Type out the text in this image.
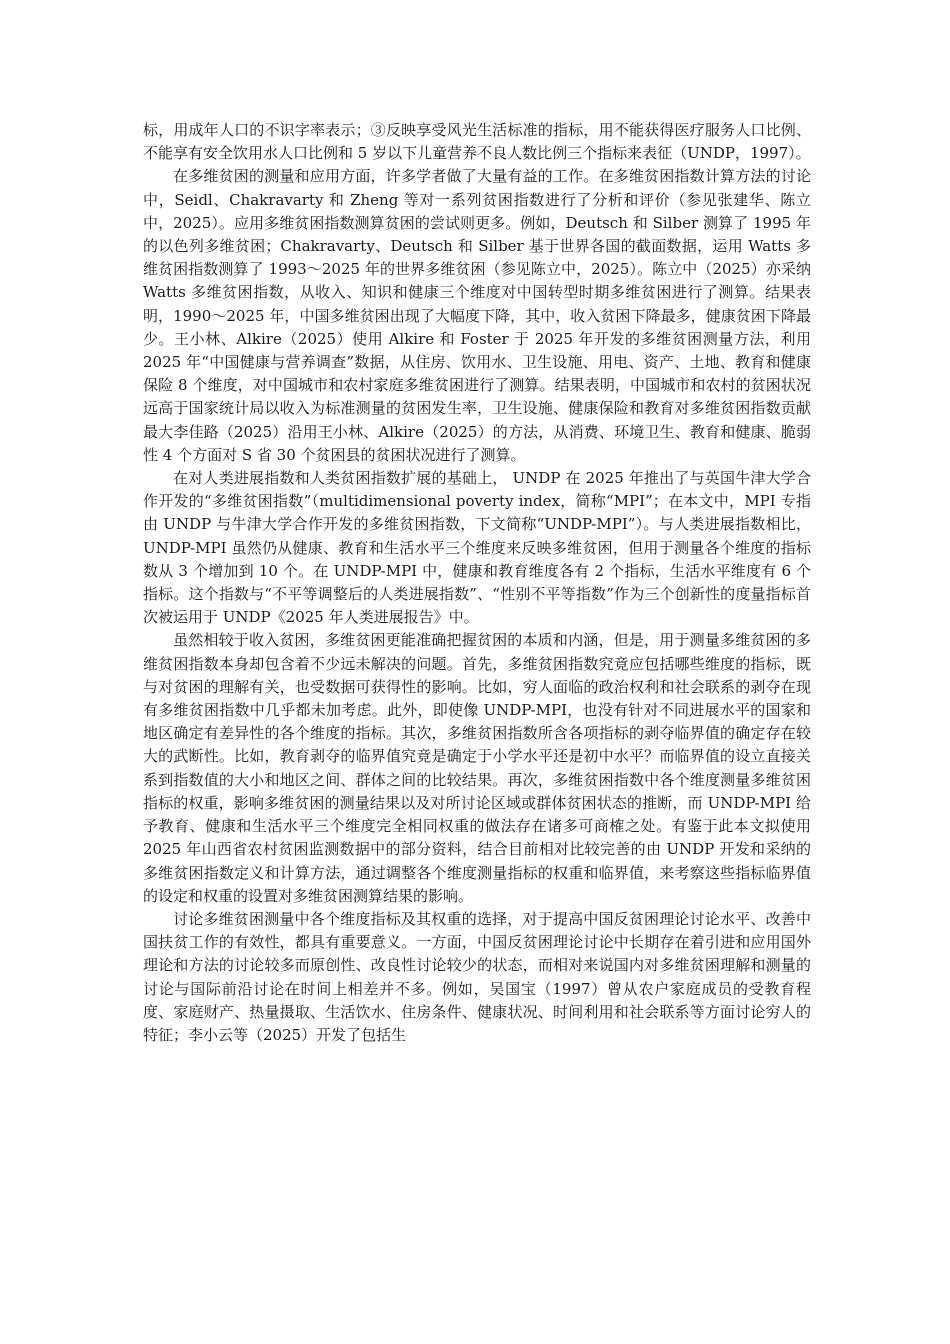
标，用成年人口的不识字率表示；③反映享受风光生活标准的指标，用不能获得医疗服务人口比例、不能享有安全饮用水人口比例和 5 岁以下儿童营养不良人数比例三个指标来表征（UNDP，1997）。

在多维贫困的测量和应用方面，许多学者做了大量有益的工作。在多维贫困指数计算方法的讨论中，Seidl、Chakravarty 和 Zheng 等对一系列贫困指数进行了分析和评价（参见张建华、陈立中，2025）。应用多维贫困指数测算贫困的尝试则更多。例如，Deutsch 和 Silber 测算了 1995 年的以色列多维贫困；Chakravarty、Deutsch 和 Silber 基于世界各国的截面数据，运用 Watts 多维贫困指数测算了 1993～2025 年的世界多维贫困（参见陈立中，2025）。陈立中（2025）亦采纳 Watts 多维贫困指数，从收入、知识和健康三个维度对中国转型时期多维贫困进行了测算。结果表明，1990～2025 年，中国多维贫困出现了大幅度下降，其中，收入贫困下降最多，健康贫困下降最少。王小林、Alkire（2025）使用 Alkire 和 Foster 于 2025 年开发的多维贫困测量方法，利用 2025 年“中国健康与营养调查”数据，从住房、饮用水、卫生设施、用电、资产、土地、教育和健康保险 8 个维度，对中国城市和农村家庭多维贫困进行了测算。结果表明，中国城市和农村的贫困状况远高于国家统计局以收入为标准测量的贫困发生率，卫生设施、健康保险和教育对多维贫困指数贡献最大李佳路（2025）沿用王小林、Alkire（2025）的方法，从消费、环境卫生、教育和健康、脆弱性 4 个方面对 S 省 30 个贫困县的贫困状况进行了测算。

在对人类进展指数和人类贫困指数扩展的基础上， UNDP 在 2025 年推出了与英国牛津大学合作开发的“多维贫困指数”（multidimensional poverty index，简称“MPI”；在本文中，MPI 专指由 UNDP 与牛津大学合作开发的多维贫困指数，下文简称“UNDP-MPI”）。与人类进展指数相比，UNDP-MPI 虽然仍从健康、教育和生活水平三个维度来反映多维贫困，但用于测量各个维度的指标数从 3 个增加到 10 个。在 UNDP-MPI 中，健康和教育维度各有 2 个指标，生活水平维度有 6 个指标。这个指数与“不平等调整后的人类进展指数”、“性别不平等指数”作为三个创新性的度量指标首次被运用于 UNDP《2025 年人类进展报告》中。

虽然相较于收入贫困，多维贫困更能准确把握贫困的本质和内涵，但是，用于测量多维贫困的多维贫困指数本身却包含着不少远未解决的问题。首先，多维贫困指数究竟应包括哪些维度的指标，既与对贫困的理解有关，也受数据可获得性的影响。比如，穷人面临的政治权利和社会联系的剥夺在现有多维贫困指数中几乎都未加考虑。此外，即使像 UNDP-MPI，也没有针对不同进展水平的国家和地区确定有差异性的各个维度的指标。其次，多维贫困指数所含各项指标的剥夺临界值的确定存在较大的武断性。比如，教育剥夺的临界值究竟是确定于小学水平还是初中水平？而临界值的设立直接关系到指数值的大小和地区之间、群体之间的比较结果。再次，多维贫困指数中各个维度测量多维贫困指标的权重，影响多维贫困的测量结果以及对所讨论区域或群体贫困状态的推断，而 UNDP-MPI 给予教育、健康和生活水平三个维度完全相同权重的做法存在诸多可商榷之处。有鉴于此本文拟使用 2025 年山西省农村贫困监测数据中的部分资料，结合目前相对比较完善的由 UNDP 开发和采纳的多维贫困指数定义和计算方法，通过调整各个维度测量指标的权重和临界值，来考察这些指标临界值的设定和权重的设置对多维贫困测算结果的影响。

讨论多维贫困测量中各个维度指标及其权重的选择，对于提高中国反贫困理论讨论水平、改善中国扶贫工作的有效性，都具有重要意义。一方面，中国反贫困理论讨论中长期存在着引进和应用国外理论和方法的讨论较多而原创性、改良性讨论较少的状态，而相对来说国内对多维贫困理解和测量的讨论与国际前沿讨论在时间上相差并不多。例如，吴国宝（1997）曾从农户家庭成员的受教育程度、家庭财产、热量摄取、生活饮水、住房条件、健康状况、时间利用和社会联系等方面讨论穷人的特征；李小云等（2025）开发了包括生
